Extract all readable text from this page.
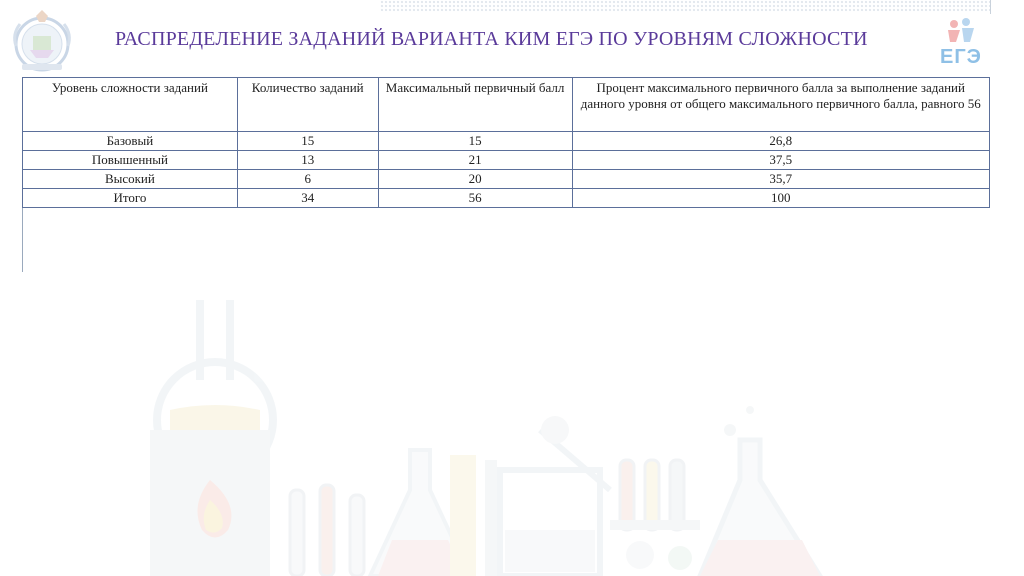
ЕГЭ
РАСПРЕДЕЛЕНИЕ ЗАДАНИЙ ВАРИАНТА КИМ ЕГЭ ПО УРОВНЯМ СЛОЖНОСТИ
Уровень сложности заданий	Количество заданий	Максимальный первичный балл	Процент максимального первичного балла за выполнение заданий данного уровня от общего максимального первичного балла, равного 56
Базовый	15	15	26,8
Повышенный	13	21	37,5
Высокий	6	20	35,7
Итого	34	56	100
